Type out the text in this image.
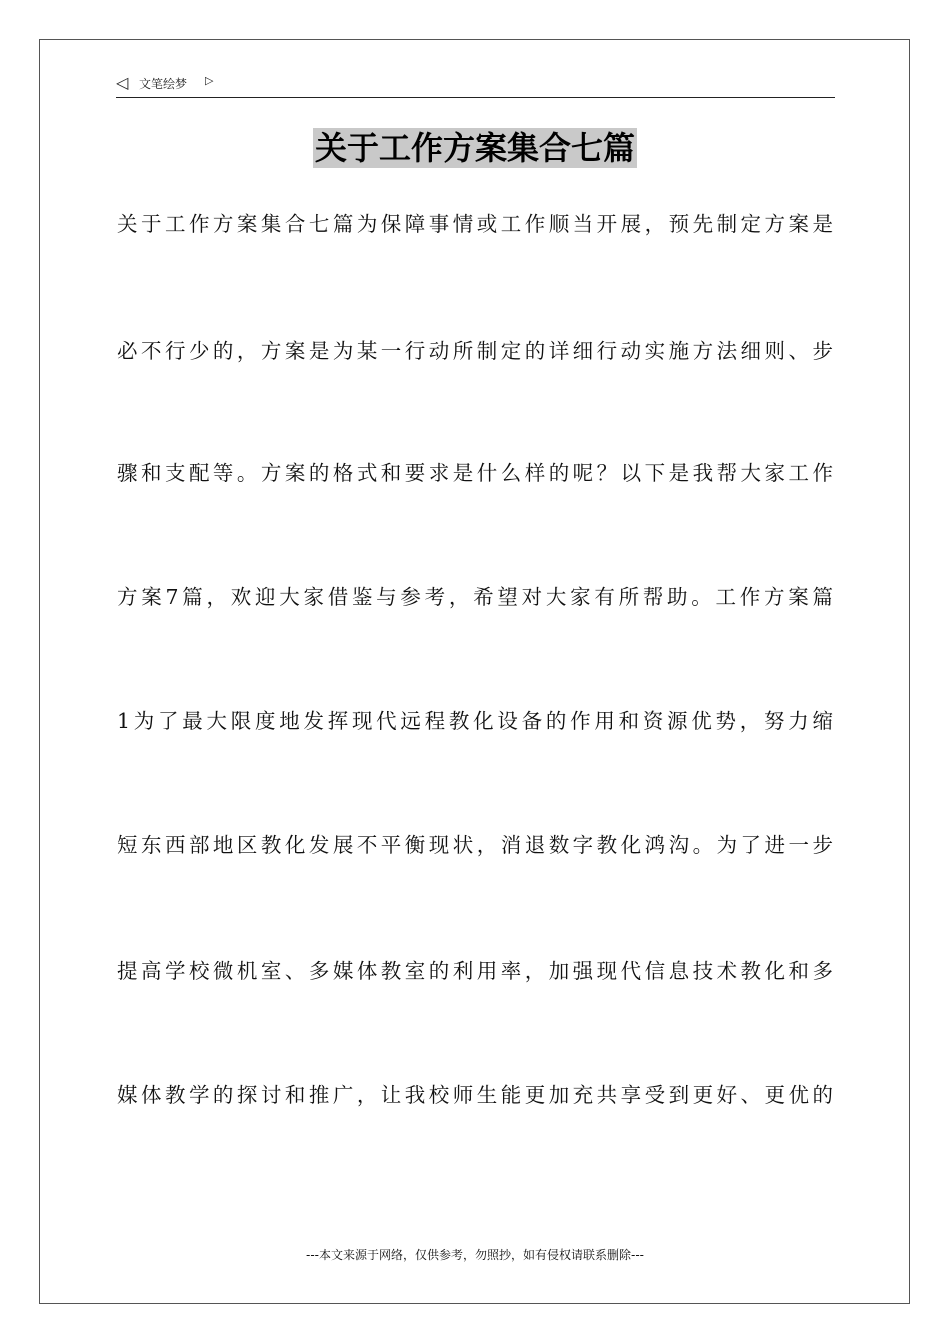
◁ 文笔绘梦 ▷
关于工作方案集合七篇
关于工作方案集合七篇为保障事情或工作顺当开展，预先制定方案是
必不行少的，方案是为某一行动所制定的详细行动实施方法细则、步
骤和支配等。方案的格式和要求是什么样的呢？以下是我帮大家工作
方案7篇，欢迎大家借鉴与参考，希望对大家有所帮助。工作方案篇
1为了最大限度地发挥现代远程教化设备的作用和资源优势，努力缩
短东西部地区教化发展不平衡现状，消退数字教化鸿沟。为了进一步
提高学校微机室、多媒体教室的利用率，加强现代信息技术教化和多
媒体教学的探讨和推广，让我校师生能更加充共享受到更好、更优的
---本文来源于网络，仅供参考，勿照抄，如有侵权请联系删除---
